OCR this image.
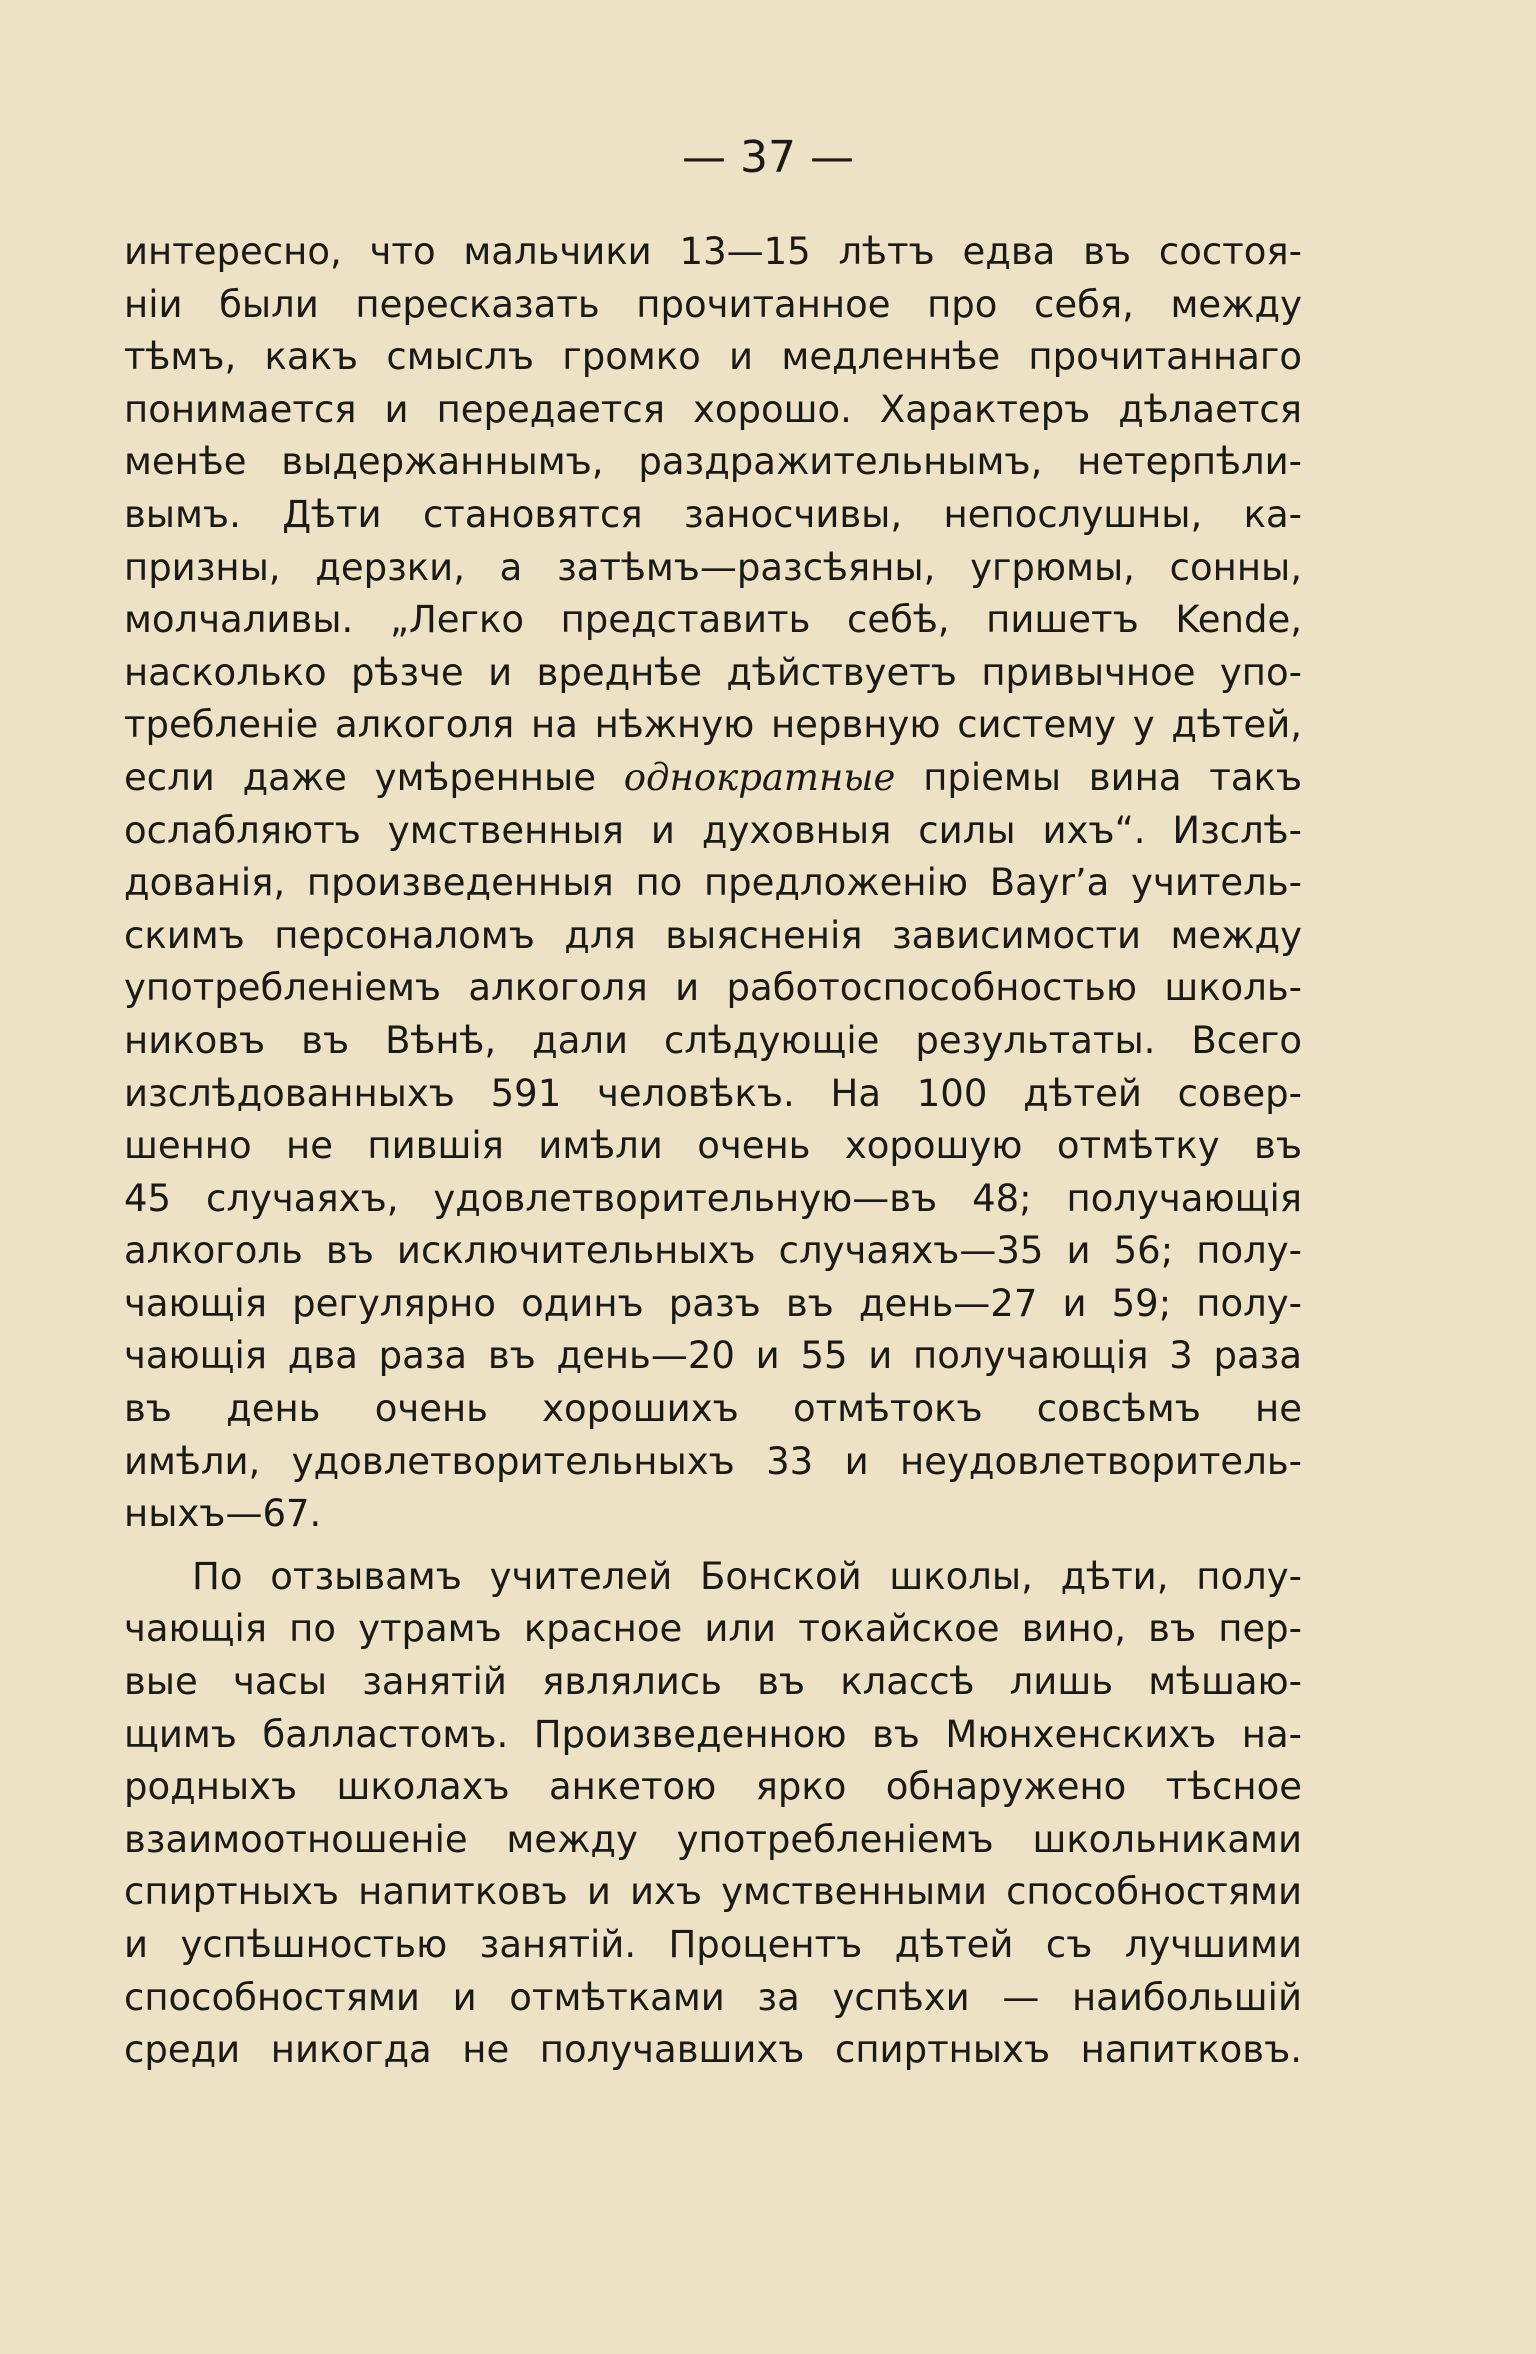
— 37 —
интересно, что мальчики 13—15 лѣтъ едва въ состоя-
ніи были пересказать прочитанное про себя, между
тѣмъ, какъ смыслъ громко и медленнѣе прочитаннаго
понимается и передается хорошо. Характеръ дѣлается
менѣе выдержаннымъ, раздражительнымъ, нетерпѣли-
вымъ. Дѣти становятся заносчивы, непослушны, ка-
призны, дерзки, а затѣмъ—разсѣяны, угрюмы, сонны,
молчаливы. „Легко представить себѣ, пишетъ Kende,
насколько рѣзче и вреднѣе дѣйствуетъ привычное упо-
требленіе алкоголя на нѣжную нервную систему у дѣтей,
если даже умѣренные однократные пріемы вина такъ
ослабляютъ умственныя и духовныя силы ихъ“. Изслѣ-
дованія, произведенныя по предложенію Bayr’a учитель-
скимъ персоналомъ для выясненія зависимости между
употребленіемъ алкоголя и работоспособностью школь-
никовъ въ Вѣнѣ, дали слѣдующіе результаты. Всего
изслѣдованныхъ 591 человѣкъ. На 100 дѣтей совер-
шенно не пившія имѣли очень хорошую отмѣтку въ
45 случаяхъ, удовлетворительную—въ 48; получающія
алкоголь въ исключительныхъ случаяхъ—35 и 56; полу-
чающія регулярно одинъ разъ въ день—27 и 59; полу-
чающія два раза въ день—20 и 55 и получающія 3 раза
въ день очень хорошихъ отмѣтокъ совсѣмъ не
имѣли, удовлетворительныхъ 33 и неудовлетворитель-
ныхъ—67.
По отзывамъ учителей Бонской школы, дѣти, полу-
чающія по утрамъ красное или токайское вино, въ пер-
вые часы занятій являлись въ классѣ лишь мѣшаю-
щимъ балластомъ. Произведенною въ Мюнхенскихъ на-
родныхъ школахъ анкетою ярко обнаружено тѣсное
взаимоотношеніе между употребленіемъ школьниками
спиртныхъ напитковъ и ихъ умственными способностями
и успѣшностью занятій. Процентъ дѣтей съ лучшими
способностями и отмѣтками за успѣхи — наибольшій
среди никогда не получавшихъ спиртныхъ напитковъ.
